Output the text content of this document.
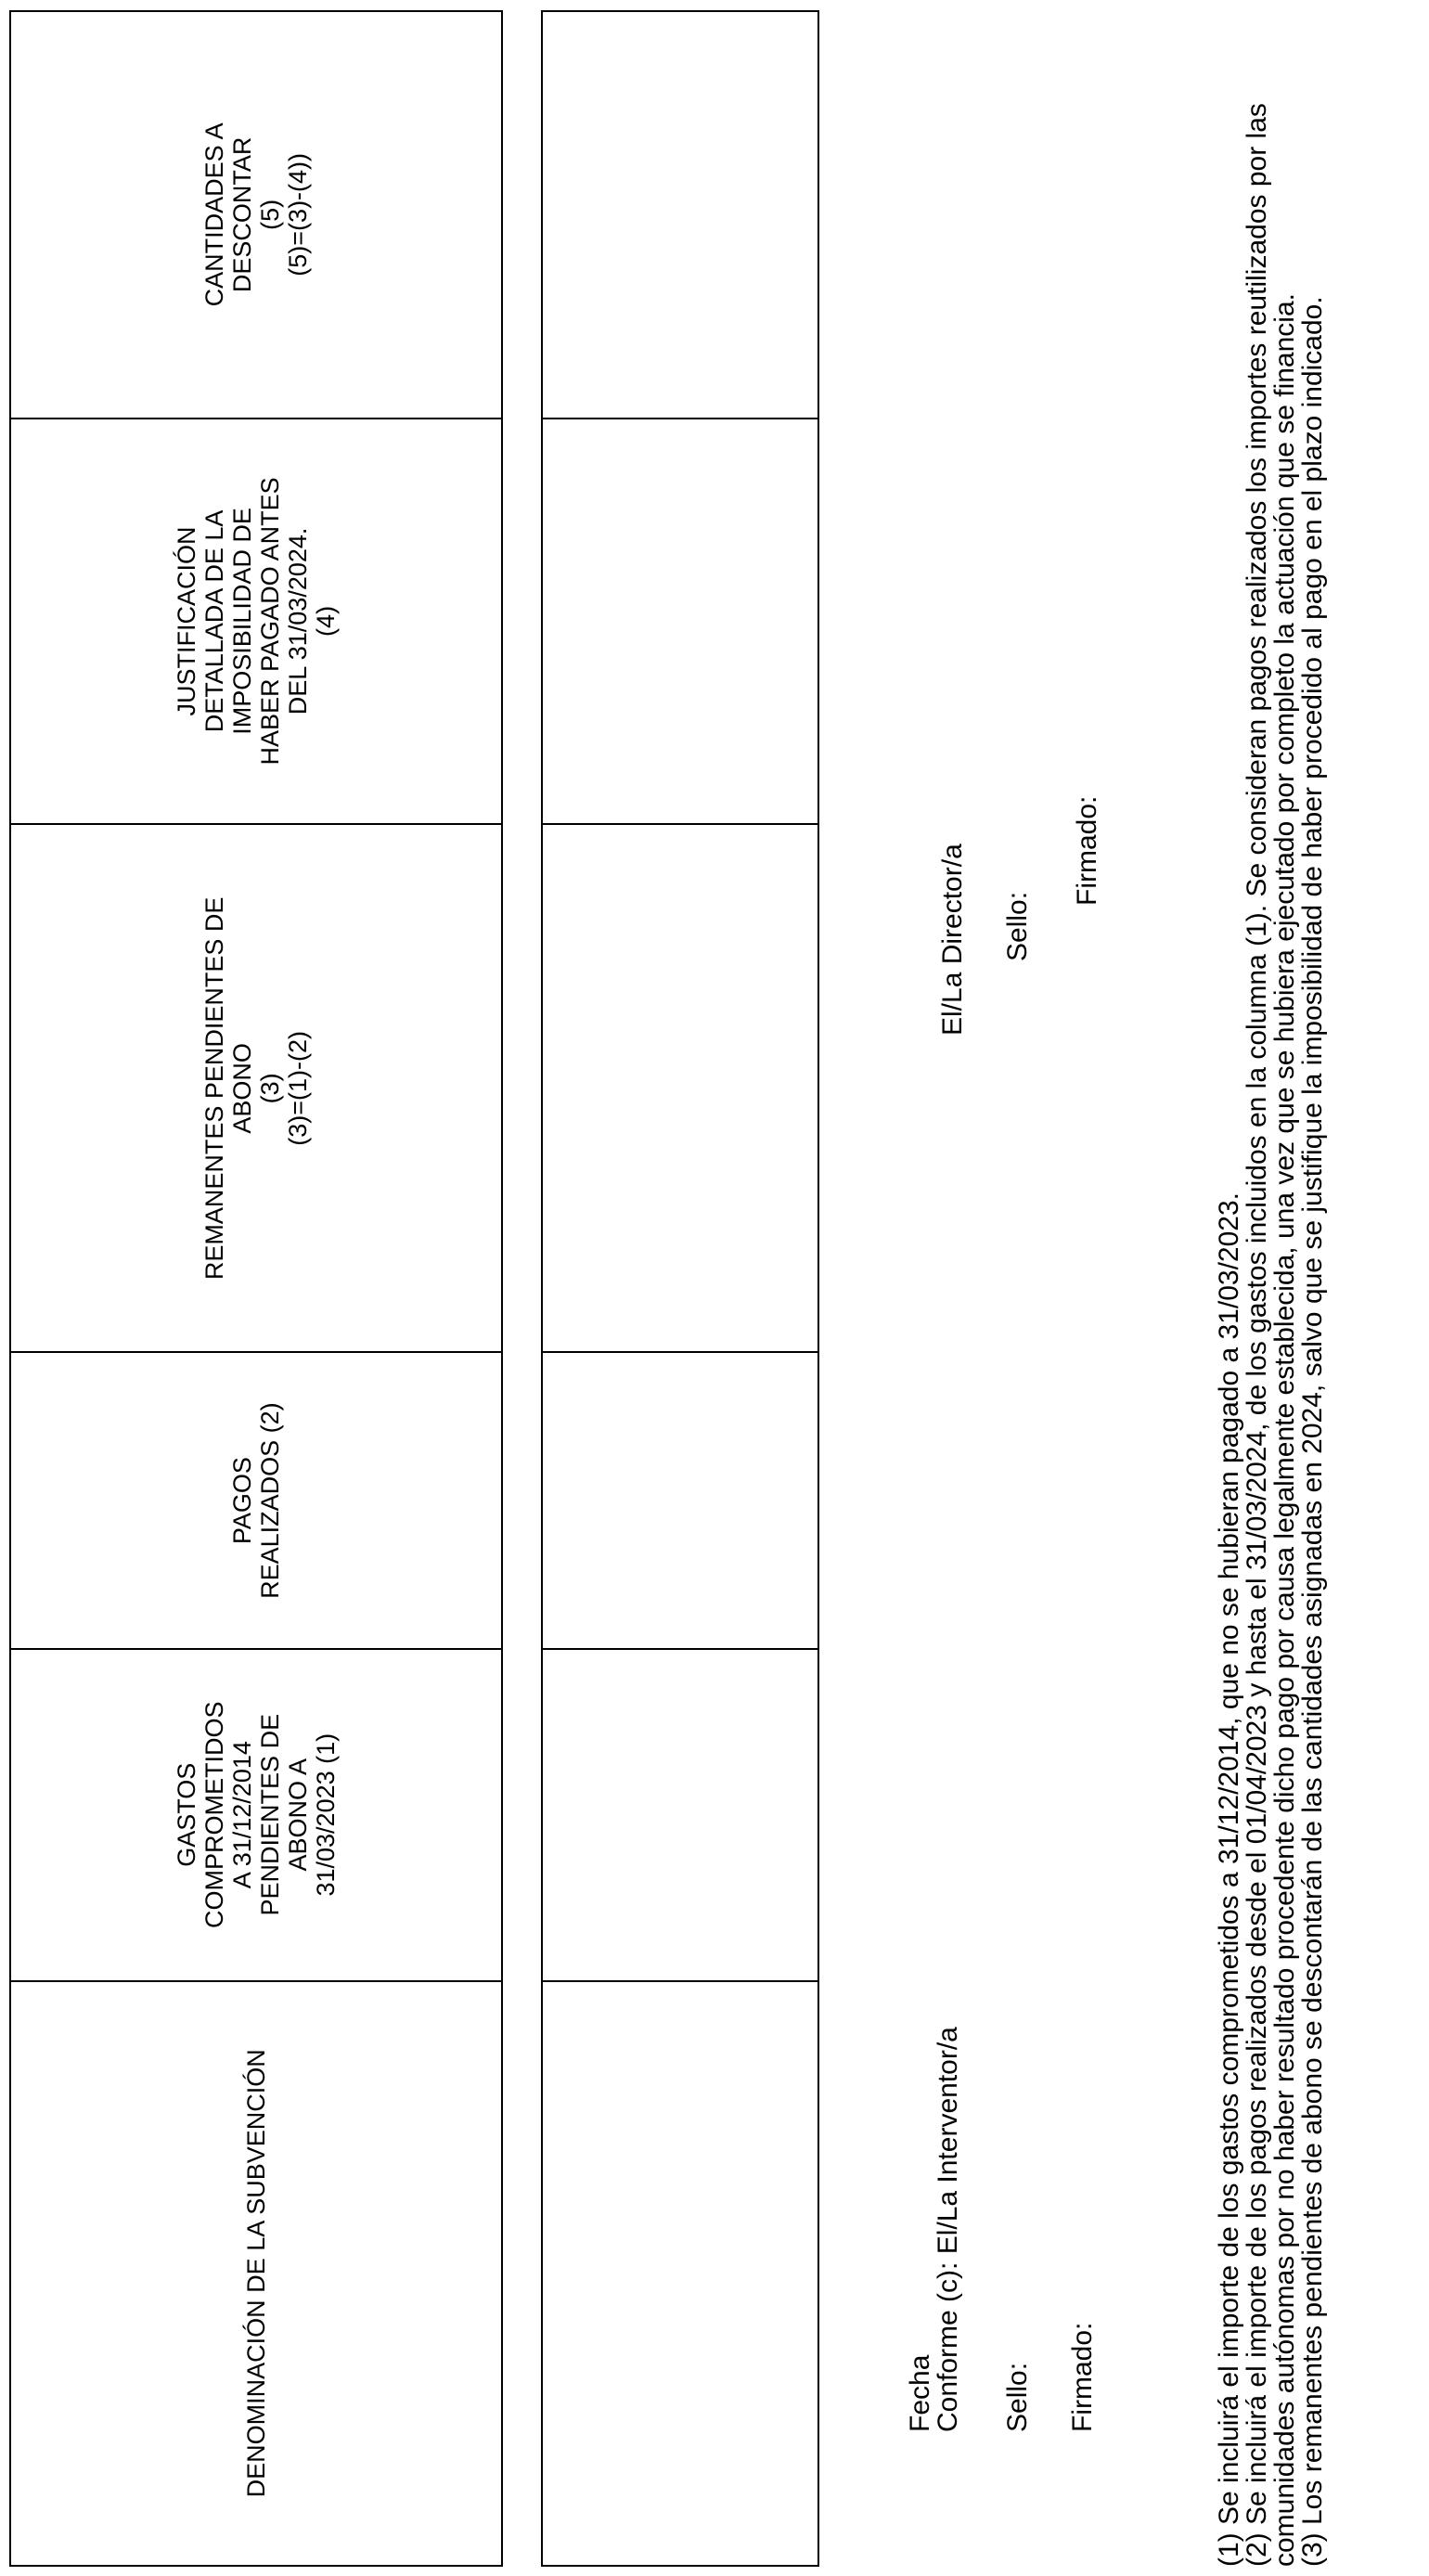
DENOMINACIÓN DE LA SUBVENCIÓN	GASTOS
COMPROMETIDOS
A 31/12/2014
PENDIENTES DE
ABONO A
31/03/2023 (1)	PAGOS
REALIZADOS (2)	REMANENTES PENDIENTES DE
ABONO
(3)
(3)=(1)-(2)	JUSTIFICACIÓN
DETALLADA DE LA
IMPOSIBILIDAD DE
HABER PAGADO ANTES
DEL 31/03/2024.
(4)	CANTIDADES A
DESCONTAR
(5)
(5)=(3)-(4))

Fecha
Conforme (c): El/La Interventor/a Sello: Firmado:
El/La Director/a Sello:
Firmado:

(1) Se incluirá el importe de los gastos comprometidos a 31/12/2014, que no se hubieran pagado a 31/03/2023.

(2) Se incluirá el importe de los pagos realizados desde el 01/04/2023 y hasta el 31/03/2024, de los gastos incluidos en la columna (1). Se consideran pagos realizados los importes reutilizados por las comunidades autónomas por no haber resultado procedente dicho pago por causa legalmente establecida, una vez que se hubiera ejecutado por completo la actuación que se financia.

(3) Los remanentes pendientes de abono se descontarán de las cantidades asignadas en 2024, salvo que se justifique la imposibilidad de haber procedido al pago en el plazo indicado.
